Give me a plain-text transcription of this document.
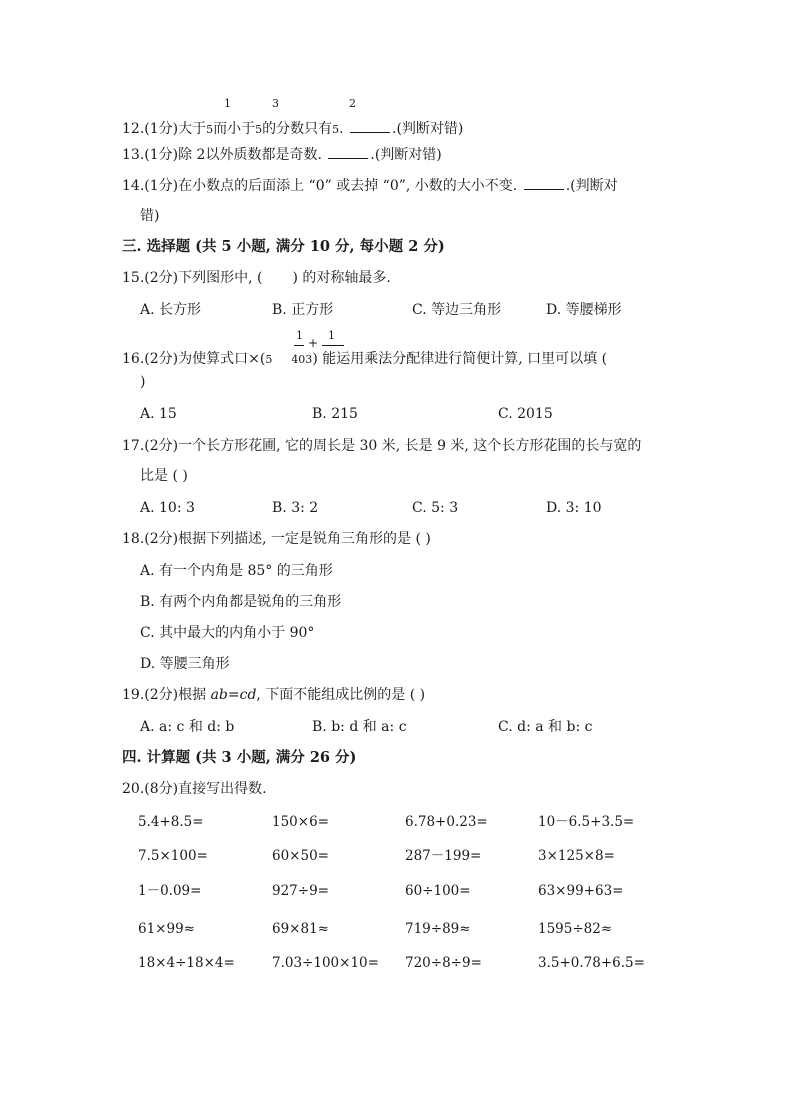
1	3	2
12.(1分)大于5而小于5的分数只有5.	.(判断对错)
13.(1分)除 2以外质数都是奇数.	.(判断对错)
14.(1分)在小数点的后面添上 “0” 或去掉 “0”, 小数的大小不变.	.(判断对
错)
三. 选择题 (共 5 小题, 满分 10 分, 每小题 2 分)
15.(2分)下列图形中, ( ) 的对称轴最多.
A. 长方形	B. 正方形	C. 等边三角形	D. 等腰梯形
1 1
+
16.(2分)为使算式口×(5 403) 能运用乘法分配律进行简便计算, 口里可以填 (
)
A. 15	B. 215	C. 2015
17.(2分)一个长方形花圃, 它的周长是 30 米, 长是 9 米, 这个长方形花围的长与宽的
比是 ( )
A. 10: 3	B. 3: 2	C. 5: 3	D. 3: 10
18.(2分)根据下列描述, 一定是锐角三角形的是 ( )
A. 有一个内角是 85° 的三角形
B. 有两个内角都是锐角的三角形
C. 其中最大的内角小于 90°
D. 等腰三角形
19.(2分)根据 ab=cd, 下面不能组成比例的是 ( )
A. a: c 和 d: b	B. b: d 和 a: c	C. d: a 和 b: c
四. 计算题 (共 3 小题, 满分 26 分)
20.(8分)直接写出得数.
5.4+8.5=	150×6=	6.78+0.23=	10－6.5+3.5=
7.5×100=	60×50=	287－199=	3×125×8=
1－0.09=	927÷9=	60÷100=	63×99+63=
61×99≈	69×81≈	719÷89≈	1595÷82≈
18×4÷18×4=	7.03÷100×10= 720÷8÷9=	3.5+0.78+6.5=
